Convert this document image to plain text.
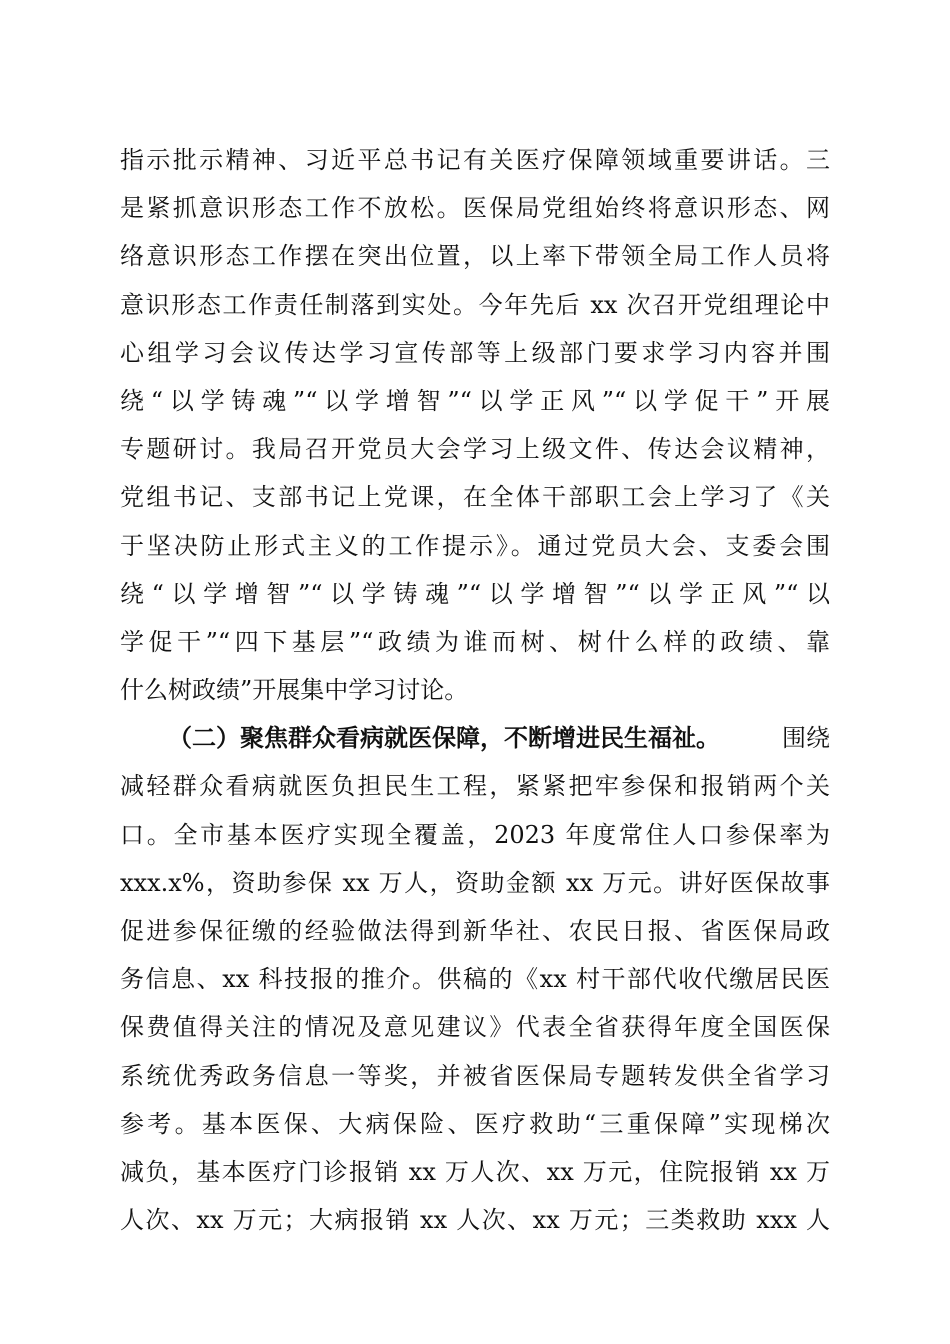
指示批示精神、习近平总书记有关医疗保障领域重要讲话。三
是紧抓意识形态工作不放松。医保局党组始终将意识形态、网
络意识形态工作摆在突出位置，以上率下带领全局工作人员将
意识形态工作责任制落到实处。今年先后 xx 次召开党组理论中
心组学习会议传达学习宣传部等上级部门要求学习内容并围
绕“以学铸魂”“以学增智”“以学正风”“以学促干”开展
专题研讨。我局召开党员大会学习上级文件、传达会议精神，
党组书记、支部书记上党课，在全体干部职工会上学习了《关
于坚决防止形式主义的工作提示》。通过党员大会、支委会围
绕“以学增智”“以学铸魂”“以学增智”“以学正风”“以
学促干”“四下基层”“政绩为谁而树、树什么样的政绩、靠
什么树政绩”开展集中学习讨论。
（二）聚焦群众看病就医保障，不断增进民生福祉。	围绕
减轻群众看病就医负担民生工程，紧紧把牢参保和报销两个关
口。全市基本医疗实现全覆盖，2023 年度常住人口参保率为
xxx.x%，资助参保 xx 万人，资助金额 xx 万元。讲好医保故事
促进参保征缴的经验做法得到新华社、农民日报、省医保局政
务信息、xx 科技报的推介。供稿的《xx 村干部代收代缴居民医
保费值得关注的情况及意见建议》代表全省获得年度全国医保
系统优秀政务信息一等奖，并被省医保局专题转发供全省学习
参考。基本医保、大病保险、医疗救助“三重保障”实现梯次
减负，基本医疗门诊报销 xx 万人次、xx 万元，住院报销 xx 万
人次、xx 万元；大病报销 xx 人次、xx 万元；三类救助 xxx 人
